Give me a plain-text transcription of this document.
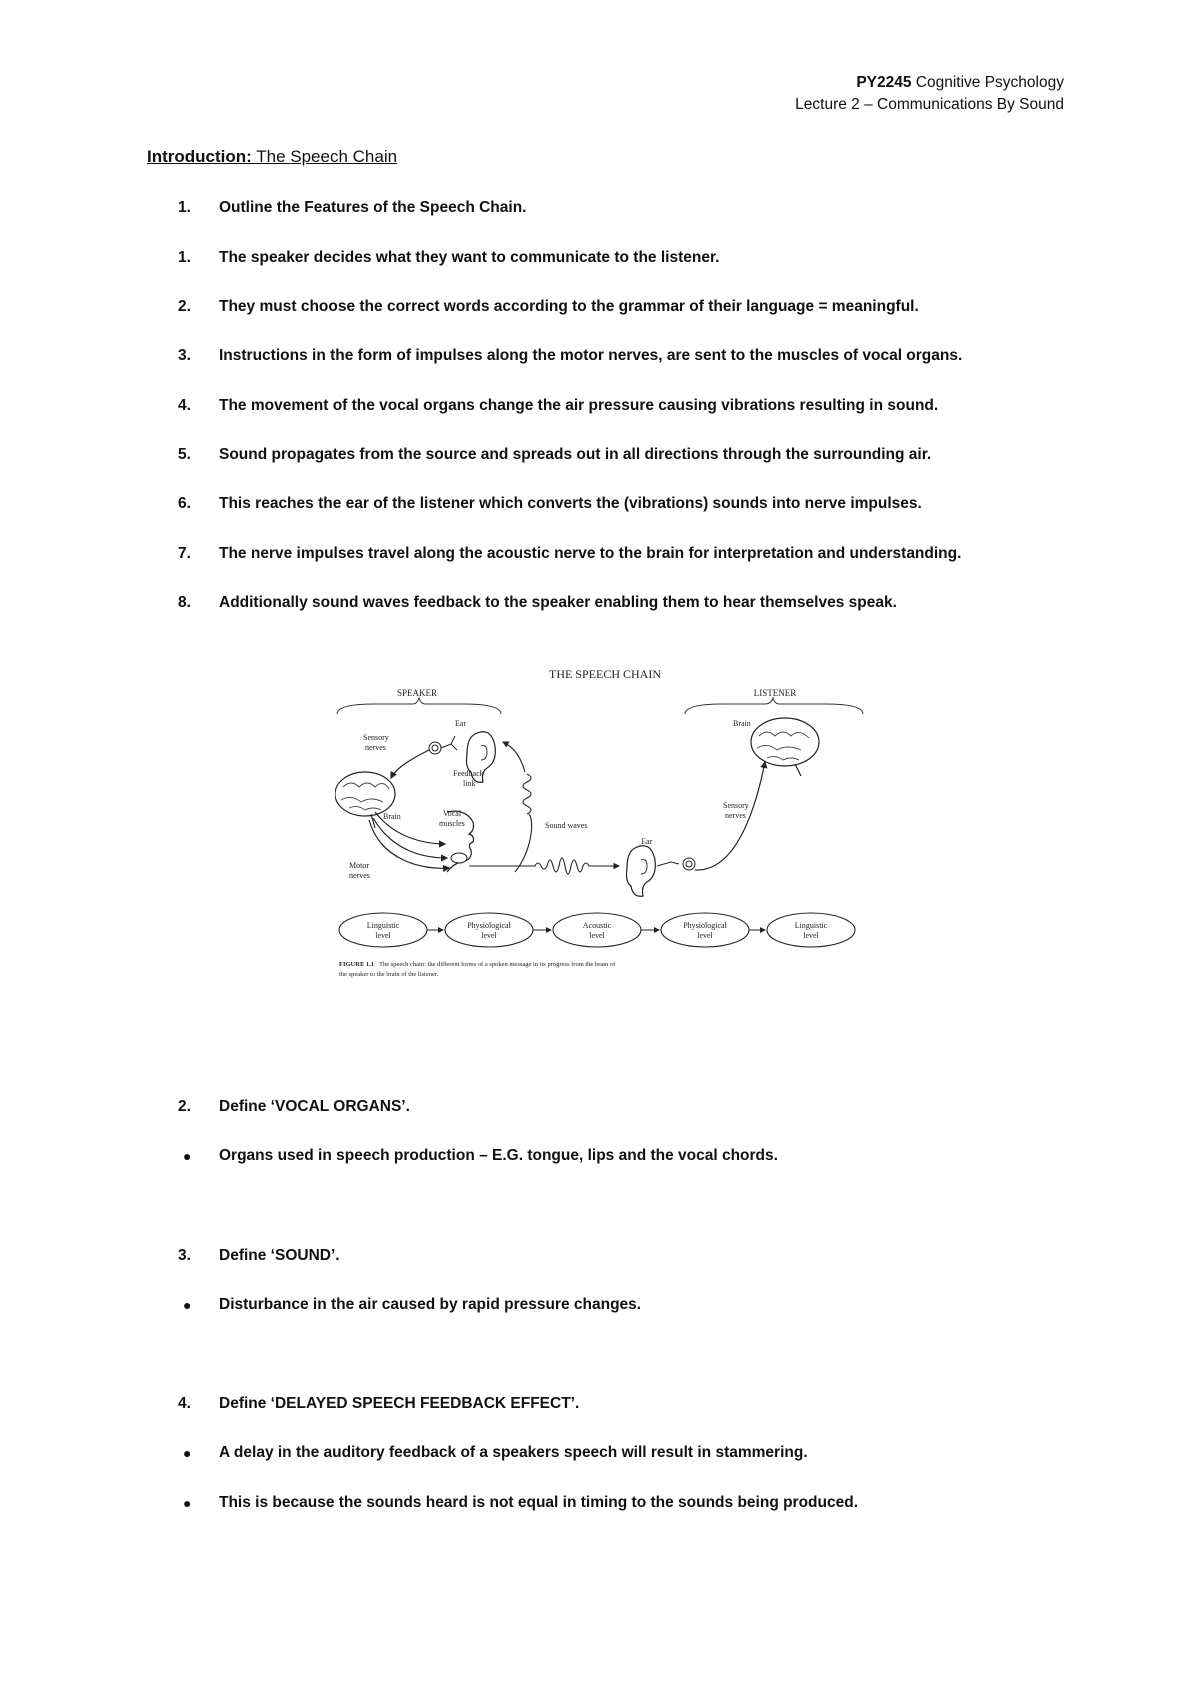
PY2245 Cognitive Psychology
Lecture 2 – Communications By Sound
Introduction: The Speech Chain
1.	Outline the Features of the Speech Chain.
1.	The speaker decides what they want to communicate to the listener.
2.	They must choose the correct words according to the grammar of their language = meaningful.
3.	Instructions in the form of impulses along the motor nerves, are sent to the muscles of vocal organs.
4.	The movement of the vocal organs change the air pressure causing vibrations resulting in sound.
5.	Sound propagates from the source and spreads out in all directions through the surrounding air.
6.	This reaches the ear of the listener which converts the (vibrations) sounds into nerve impulses.
7.	The nerve impulses travel along the acoustic nerve to the brain for interpretation and understanding.
8.	Additionally sound waves feedback to the speaker enabling them to hear themselves speak.
THE SPEECH CHAIN
SPEAKER	LISTENER
Brain
Ear
Sensory
nerves
Vocal
muscles
Motor
nerves
Feedback
link
Sound waves
Ear
Sensory
nerves
Brain
Linguistic
level
Physiological
level
Acoustic
level
Physiological
level
Linguistic
level
FIGURE 1.1 The speech chain: the different forms of a spoken message in its progress from the brain of
the speaker to the brain of the listener.
2.	Define ‘VOCAL ORGANS’.
● Organs used in speech production – E.G. tongue, lips and the vocal chords.
3.	Define ‘SOUND’.
● Disturbance in the air caused by rapid pressure changes.
4.	Define ‘DELAYED SPEECH FEEDBACK EFFECT’.
● A delay in the auditory feedback of a speakers speech will result in stammering.
● This is because the sounds heard is not equal in timing to the sounds being produced.
